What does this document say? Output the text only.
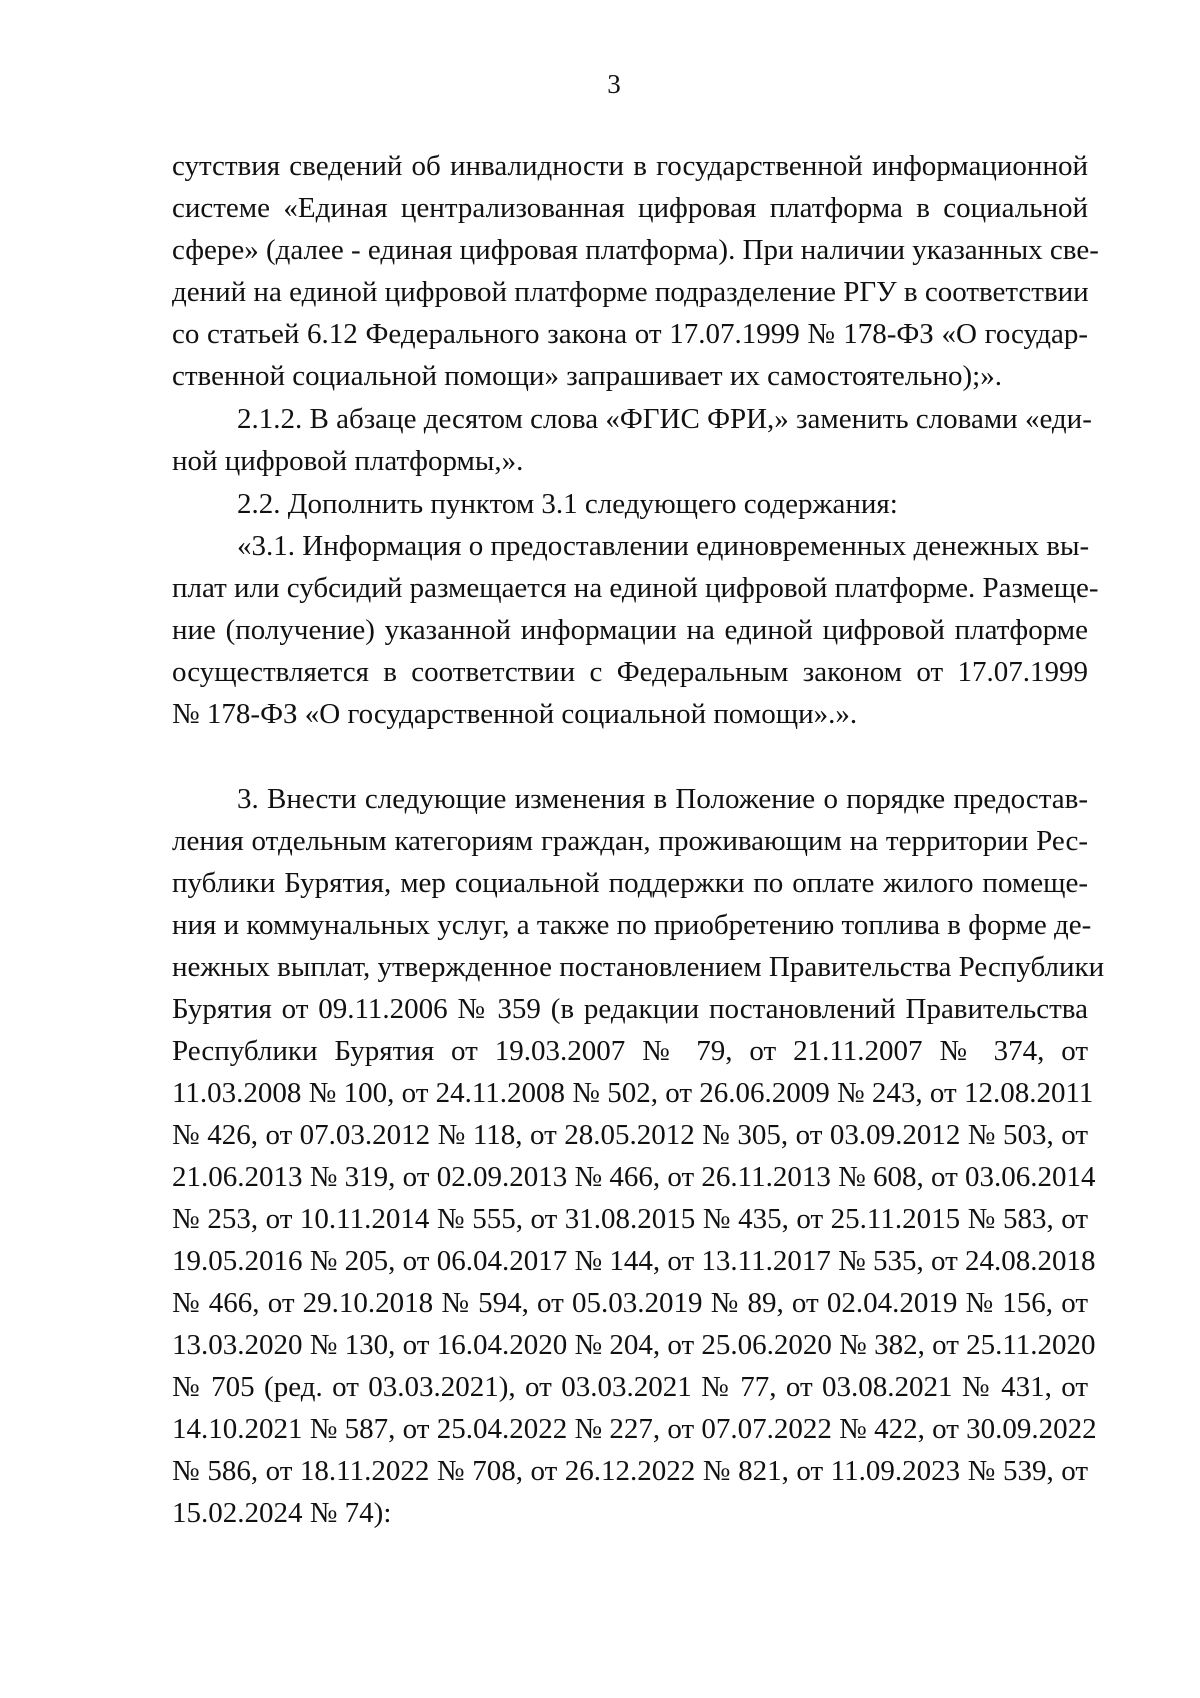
3
сутствия сведений об инвалидности в государственной информационной
системе «Единая централизованная цифровая платформа в социальной
сфере» (далее - единая цифровая платформа). При наличии указанных све-
дений на единой цифровой платформе подразделение РГУ в соответствии
со статьей 6.12 Федерального закона от 17.07.1999 № 178-ФЗ «О государ-
ственной социальной помощи» запрашивает их самостоятельно);».
2.1.2. В абзаце десятом слова «ФГИС ФРИ,» заменить словами «еди-
ной цифровой платформы,».
2.2. Дополнить пунктом 3.1 следующего содержания:
«3.1. Информация о предоставлении единовременных денежных вы-
плат или субсидий размещается на единой цифровой платформе. Размеще-
ние (получение) указанной информации на единой цифровой платформе
осуществляется в соответствии с Федеральным законом от 17.07.1999
№ 178-ФЗ «О государственной социальной помощи».».
3. Внести следующие изменения в Положение о порядке предостав-
ления отдельным категориям граждан, проживающим на территории Рес-
публики Бурятия, мер социальной поддержки по оплате жилого помеще-
ния и коммунальных услуг, а также по приобретению топлива в форме де-
нежных выплат, утвержденное постановлением Правительства Республики
Бурятия от 09.11.2006 № 359 (в редакции постановлений Правительства
Республики Бурятия от 19.03.2007 № 79, от 21.11.2007 № 374, от
11.03.2008 № 100, от 24.11.2008 № 502, от 26.06.2009 № 243, от 12.08.2011
№ 426, от 07.03.2012 № 118, от 28.05.2012 № 305, от 03.09.2012 № 503, от
21.06.2013 № 319, от 02.09.2013 № 466, от 26.11.2013 № 608, от 03.06.2014
№ 253, от 10.11.2014 № 555, от 31.08.2015 № 435, от 25.11.2015 № 583, от
19.05.2016 № 205, от 06.04.2017 № 144, от 13.11.2017 № 535, от 24.08.2018
№ 466, от 29.10.2018 № 594, от 05.03.2019 № 89, от 02.04.2019 № 156, от
13.03.2020 № 130, от 16.04.2020 № 204, от 25.06.2020 № 382, от 25.11.2020
№ 705 (ред. от 03.03.2021), от 03.03.2021 № 77, от 03.08.2021 № 431, от
14.10.2021 № 587, от 25.04.2022 № 227, от 07.07.2022 № 422, от 30.09.2022
№ 586, от 18.11.2022 № 708, от 26.12.2022 № 821, от 11.09.2023 № 539, от
15.02.2024 № 74):
